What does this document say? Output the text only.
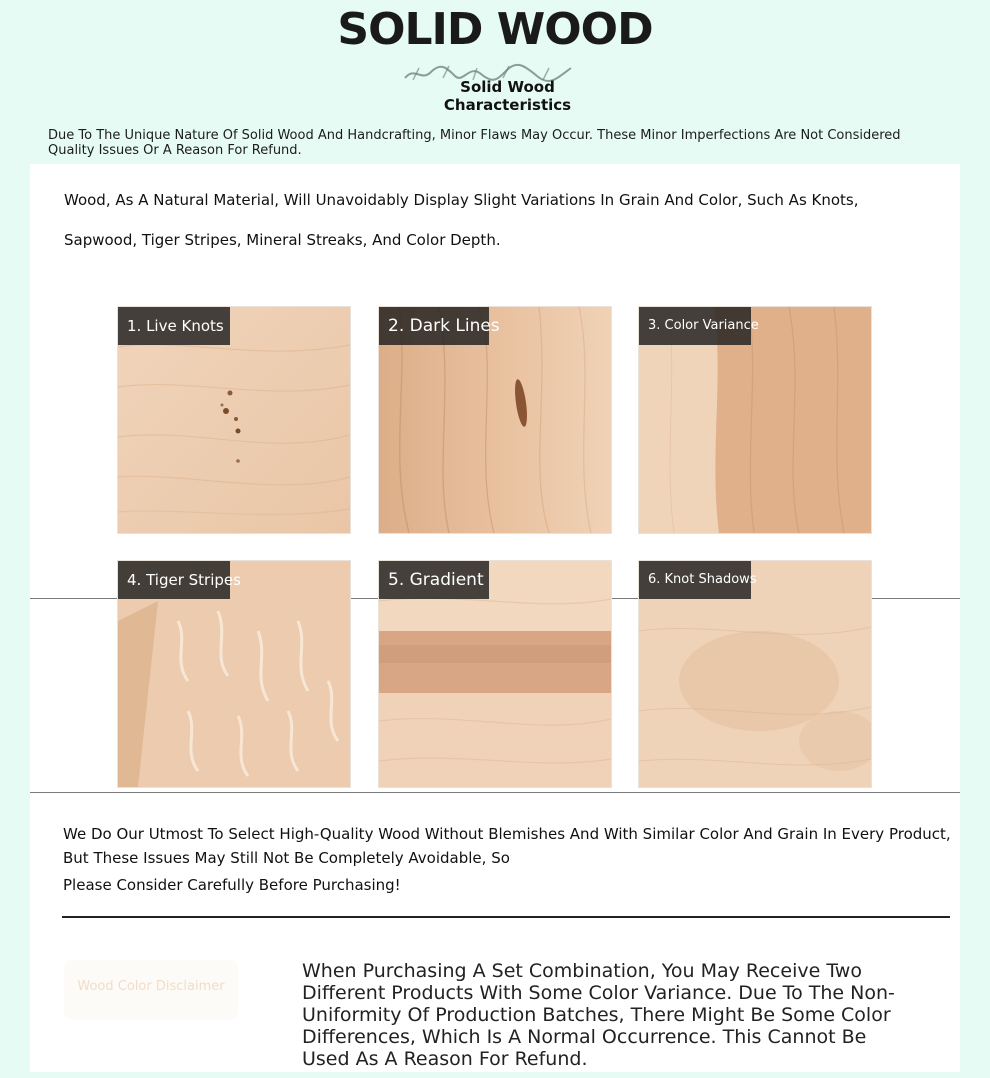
SOLID WOOD
Solid Wood Characteristics
Due To The Unique Nature Of Solid Wood And Handcrafting, Minor Flaws May Occur. These Minor Imperfections Are Not Considered Quality Issues Or A Reason For Refund.
Wood, As A Natural Material, Will Unavoidably Display Slight Variations In Grain And Color, Such As Knots, Sapwood, Tiger Stripes, Mineral Streaks, And Color Depth.
1. Live Knots	2. Dark Lines	3. Color Variance
4. Tiger Stripes	5. Gradient	6. Knot Shadows
We Do Our Utmost To Select High-Quality Wood Without Blemishes And With Similar Color And Grain In Every Product, But These Issues May Still Not Be Completely Avoidable, So
Please Consider Carefully Before Purchasing!
Wood Color Disclaimer
When Purchasing A Set Combination, You May Receive Two Different Products With Some Color Variance. Due To The Non-Uniformity Of Production Batches, There Might Be Some Color Differences, Which Is A Normal Occurrence. This Cannot Be Used As A Reason For Refund.
